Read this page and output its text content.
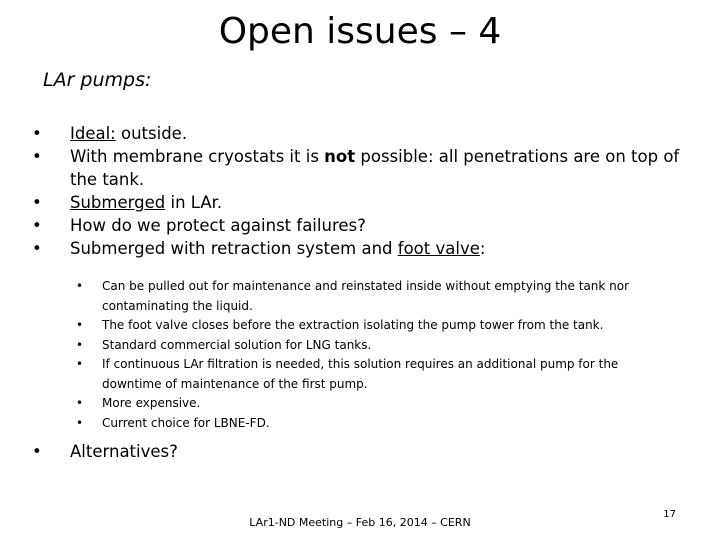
Open issues – 4

LAr pumps:

• Ideal: outside.
• With membrane cryostats it is not possible: all penetrations are on top of the tank.
• Submerged in LAr.
• How do we protect against failures?
• Submerged with retraction system and foot valve:
• Can be pulled out for maintenance and reinstated inside without emptying the tank nor contaminating the liquid.
• The foot valve closes before the extraction isolating the pump tower from the tank.
• Standard commercial solution for LNG tanks.
• If continuous LAr filtration is needed, this solution requires an additional pump for the downtime of maintenance of the first pump.
• More expensive.
• Current choice for LBNE-FD.
• Alternatives?
LAr1-ND Meeting – Feb 16, 2014 – CERN
17
